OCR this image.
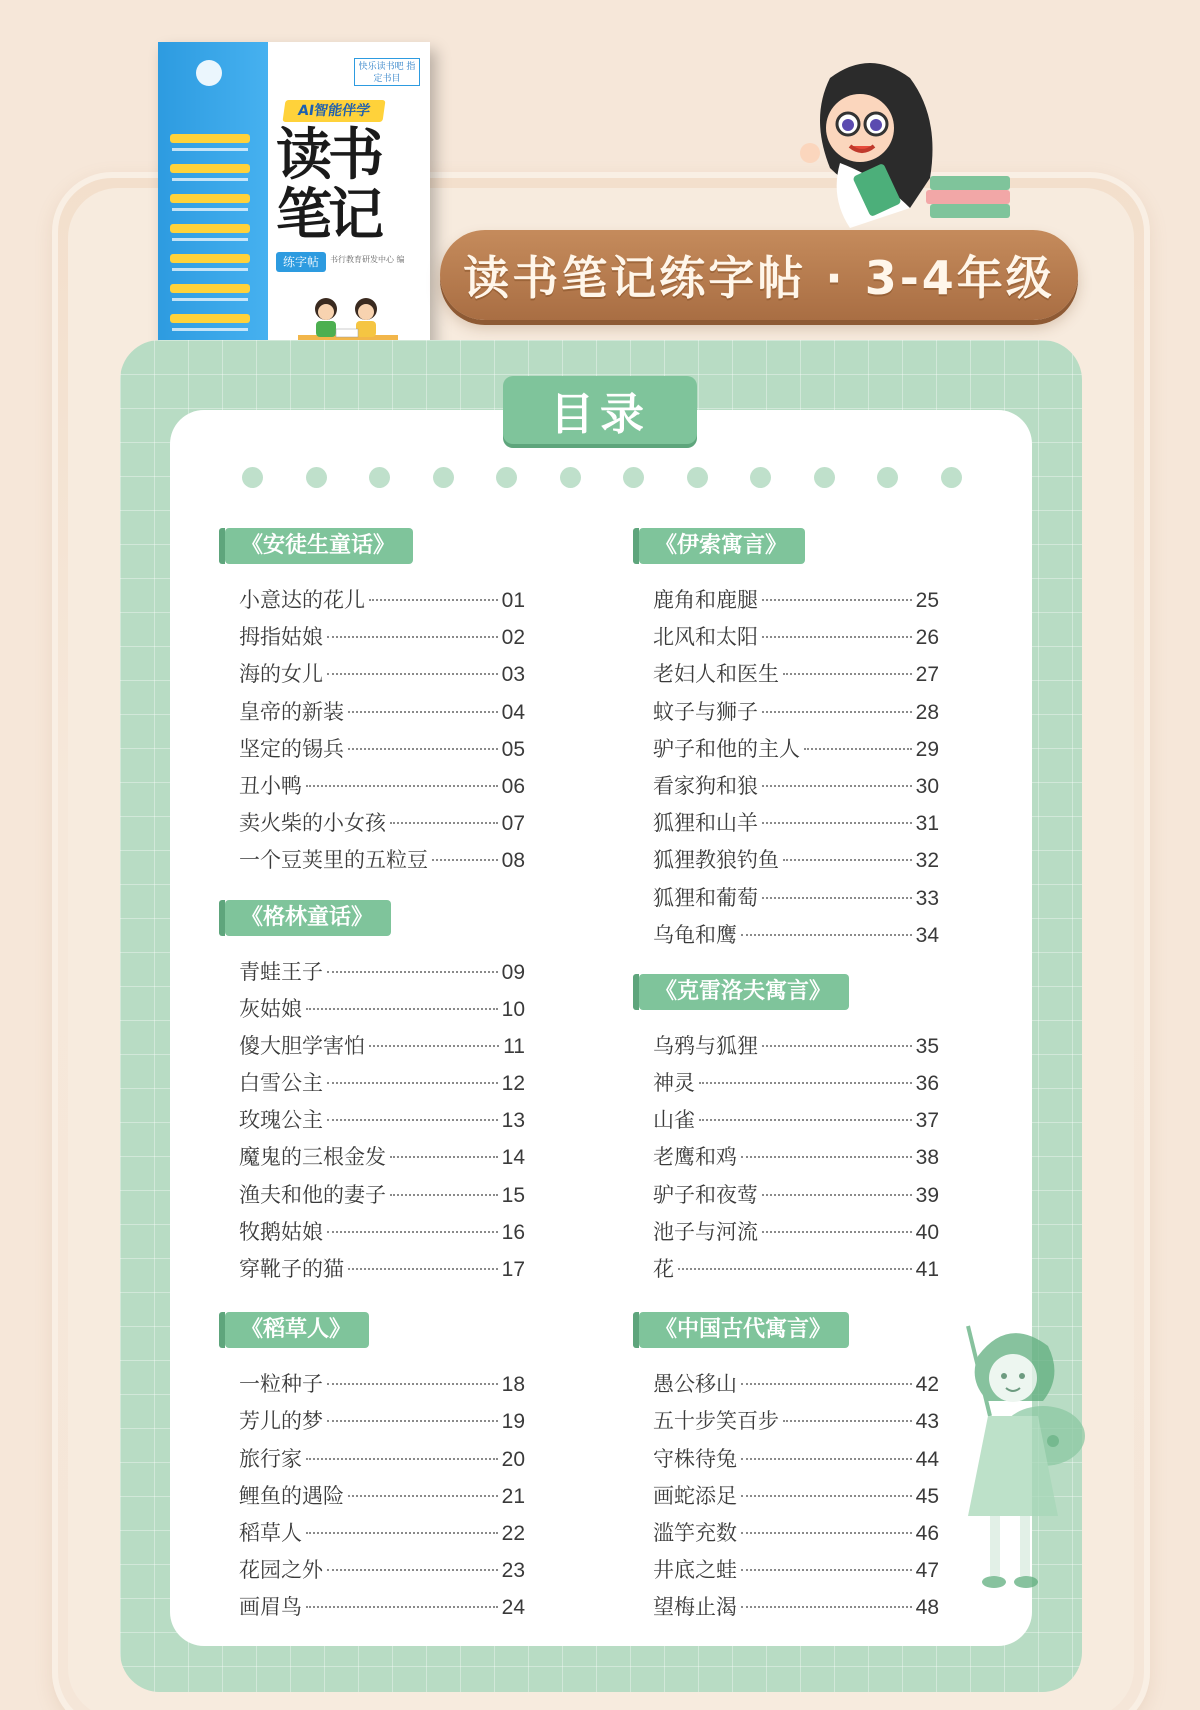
快乐读书吧 指定书目
AI智能伴学
读书
笔记
练字帖	书行教育研发中心 编 读书笔记练字帖 · 3-4年级
目录
《安徒生童话》
小意达的花儿	01
拇指姑娘	02
海的女儿	03
皇帝的新装	04
坚定的锡兵	05
丑小鸭	06
卖火柴的小女孩	07
一个豆荚里的五粒豆	08
《格林童话》
青蛙王子	09
灰姑娘	10
傻大胆学害怕	11
白雪公主	12
玫瑰公主	13
魔鬼的三根金发	14
渔夫和他的妻子	15
牧鹅姑娘	16
穿靴子的猫	17
《稻草人》
一粒种子	18
芳儿的梦	19
旅行家	20
鲤鱼的遇险	21
稻草人	22
花园之外	23
画眉鸟	24
《伊索寓言》
鹿角和鹿腿	25
北风和太阳	26
老妇人和医生	27
蚊子与狮子	28
驴子和他的主人	29
看家狗和狼	30
狐狸和山羊	31
狐狸教狼钓鱼	32
狐狸和葡萄	33
乌龟和鹰	34
《克雷洛夫寓言》
乌鸦与狐狸	35
神灵	36
山雀	37
老鹰和鸡	38
驴子和夜莺	39
池子与河流	40
花	41
《中国古代寓言》
愚公移山	42
五十步笑百步	43
守株待兔	44
画蛇添足	45
滥竽充数	46
井底之蛙	47
望梅止渴	48
